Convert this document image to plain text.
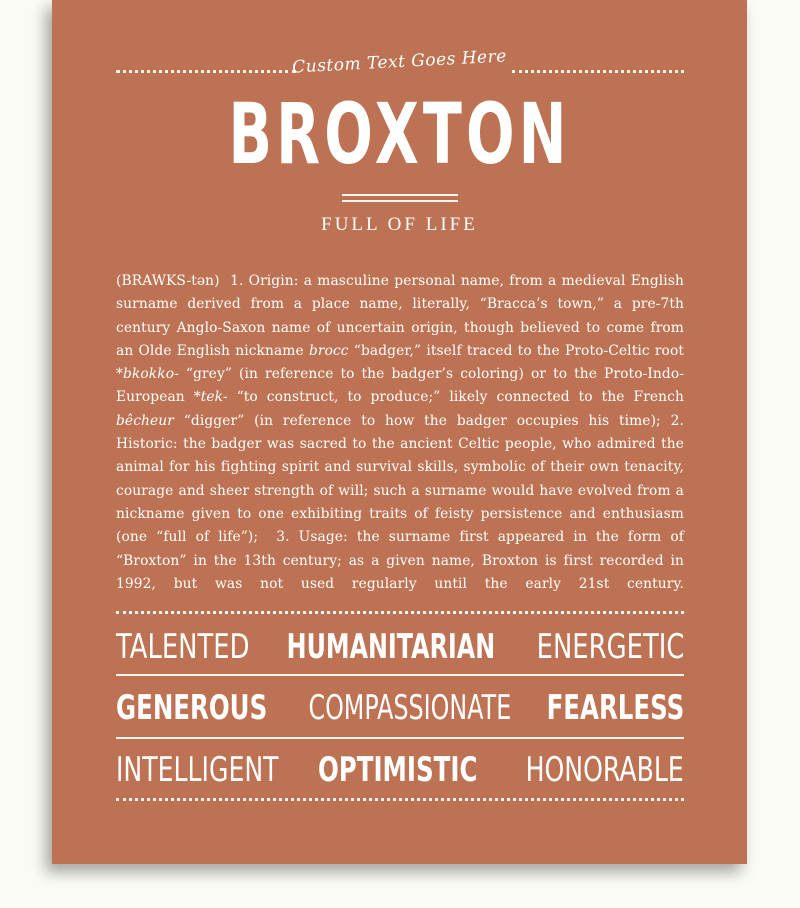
Custom Text Goes Here
BROXTON
FULL OF LIFE
(BRAWKS-tən) 1. Origin: a masculine personal name, from a medieval English surname derived from a place name, literally, “Bracca’s town,” a pre-7th century Anglo-Saxon name of uncertain origin, though believed to come from an Olde English nickname brocc “badger,” itself traced to the Proto-Celtic root *bkokko- “grey” (in reference to the badger’s coloring) or to the Proto-Indo-European *tek- “to construct, to produce;” likely connected to the French bêcheur “digger” (in reference to how the badger occupies his time); 2. Historic: the badger was sacred to the ancient Celtic people, who admired the animal for his fighting spirit and survival skills, symbolic of their own tenacity, courage and sheer strength of will; such a surname would have evolved from a nickname given to one exhibiting traits of feisty persistence and enthusiasm (one “full of life”); 3. Usage: the surname first appeared in the form of “Broxton” in the 13th century; as a given name, Broxton is first recorded in 1992, but was not used regularly until the early 21st century.
TALENTED HUMANITARIAN ENERGETIC
GENEROUS COMPASSIONATE FEARLESS
INTELLIGENT OPTIMISTIC HONORABLE
